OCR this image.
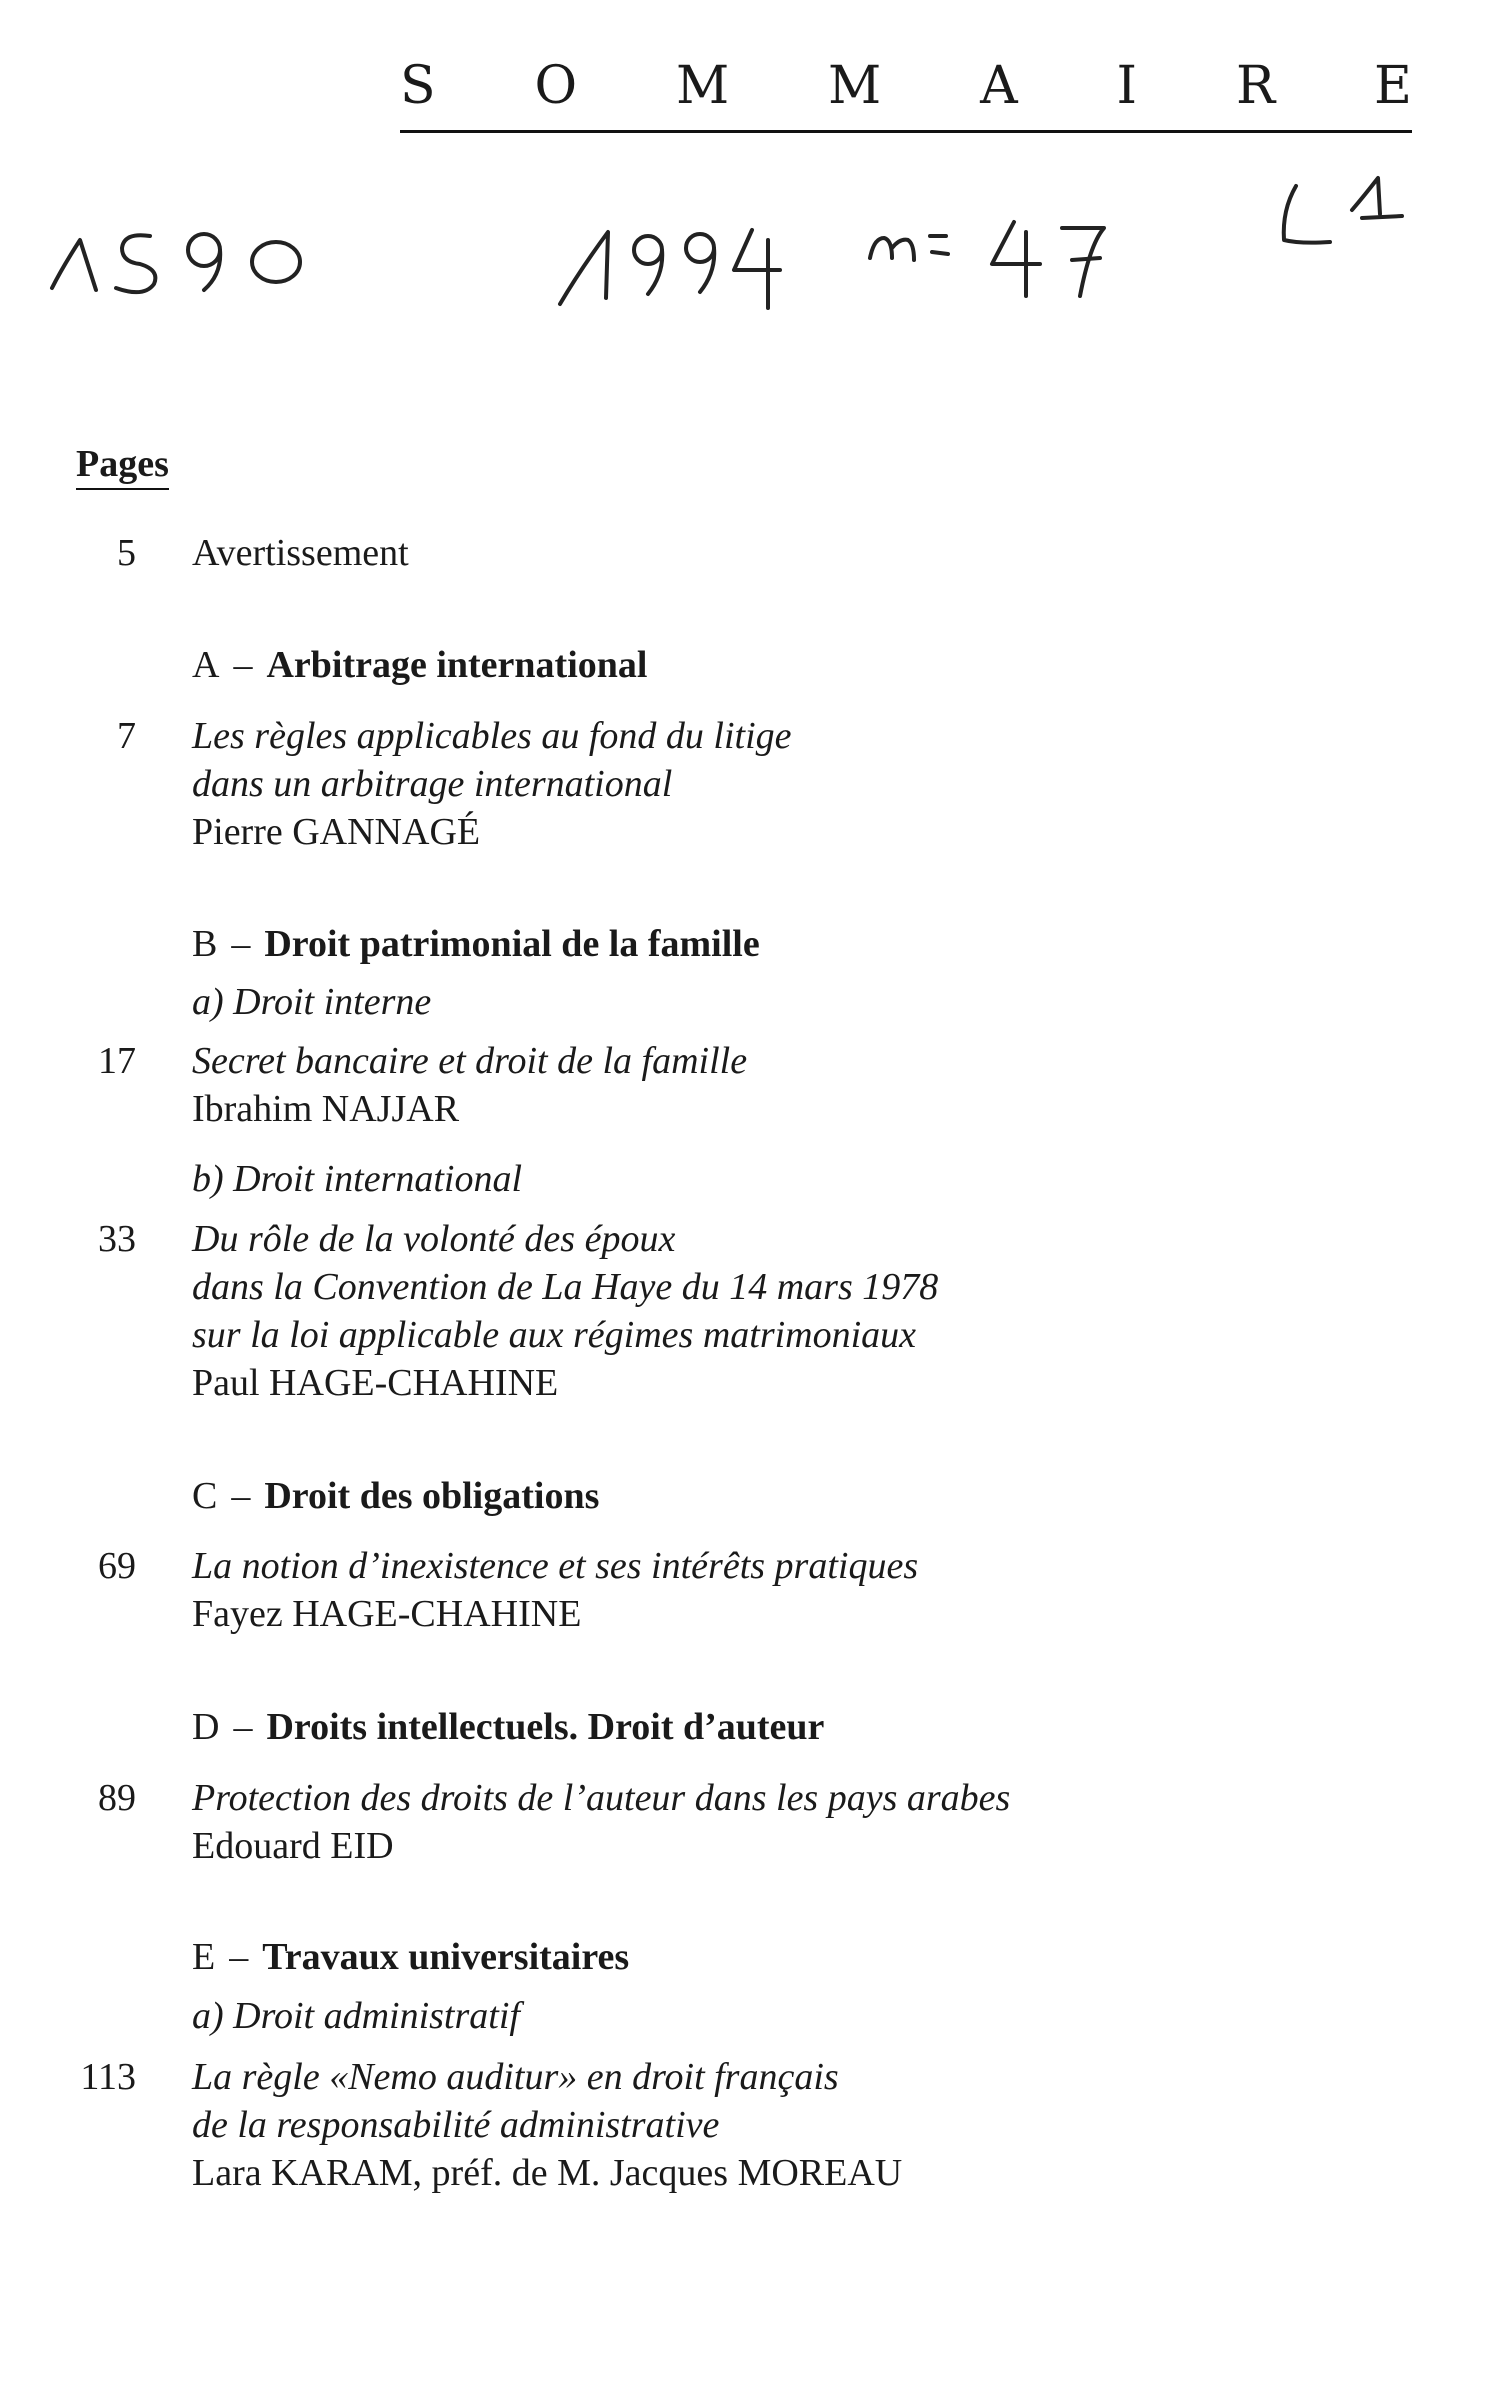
S O M M A I R E
Pages
5 Avertissement
A – Arbitrage international
7 Les règles applicables au fond du litige
dans un arbitrage international
Pierre GANNAGÉ
B – Droit patrimonial de la famille
a) Droit interne
17 Secret bancaire et droit de la famille
Ibrahim NAJJAR
b) Droit international
33 Du rôle de la volonté des époux
dans la Convention de La Haye du 14 mars 1978
sur la loi applicable aux régimes matrimoniaux
Paul HAGE-CHAHINE
C – Droit des obligations
69 La notion d’inexistence et ses intérêts pratiques
Fayez HAGE-CHAHINE
D – Droits intellectuels. Droit d’auteur
89 Protection des droits de l’auteur dans les pays arabes
Edouard EID
E – Travaux universitaires
a) Droit administratif
113 La règle «Nemo auditur» en droit français
de la responsabilité administrative
Lara KARAM, préf. de M. Jacques MOREAU
